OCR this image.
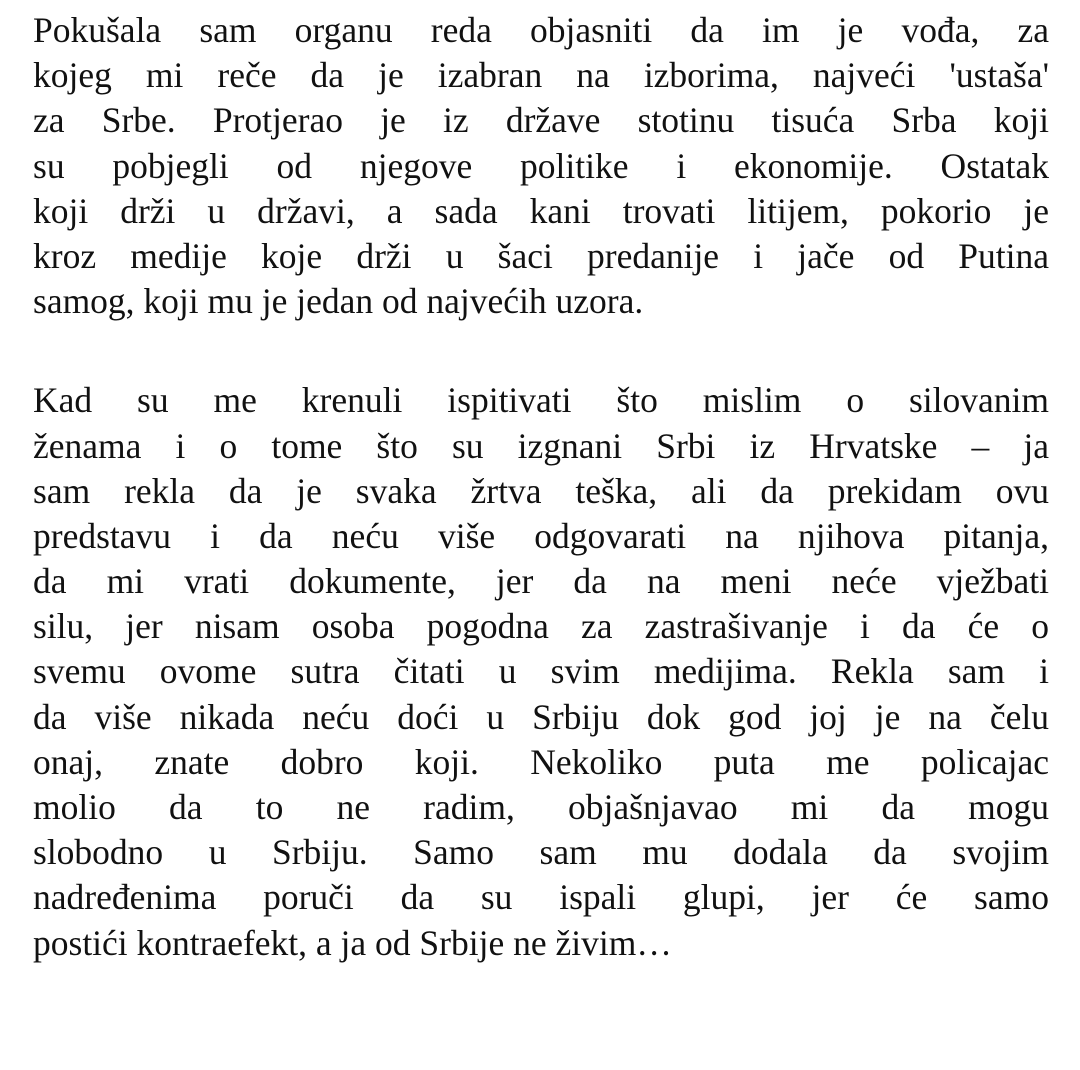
Pokušala sam organu reda objasniti da im je vođa, za
kojeg mi reče da je izabran na izborima, najveći 'ustaša'
za Srbe. Protjerao je iz države stotinu tisuća Srba koji
su pobjegli od njegove politike i ekonomije. Ostatak
koji drži u državi, a sada kani trovati litijem, pokorio je
kroz medije koje drži u šaci predanije i jače od Putina
samog, koji mu je jedan od najvećih uzora.
Kad su me krenuli ispitivati što mislim o silovanim
ženama i o tome što su izgnani Srbi iz Hrvatske – ja
sam rekla da je svaka žrtva teška, ali da prekidam ovu
predstavu i da neću više odgovarati na njihova pitanja,
da mi vrati dokumente, jer da na meni neće vježbati
silu, jer nisam osoba pogodna za zastrašivanje i da će o
svemu ovome sutra čitati u svim medijima. Rekla sam i
da više nikada neću doći u Srbiju dok god joj je na čelu
onaj, znate dobro koji. Nekoliko puta me policajac
molio da to ne radim, objašnjavao mi da mogu
slobodno u Srbiju. Samo sam mu dodala da svojim
nadređenima poruči da su ispali glupi, jer će samo
postići kontraefekt, a ja od Srbije ne živim…
